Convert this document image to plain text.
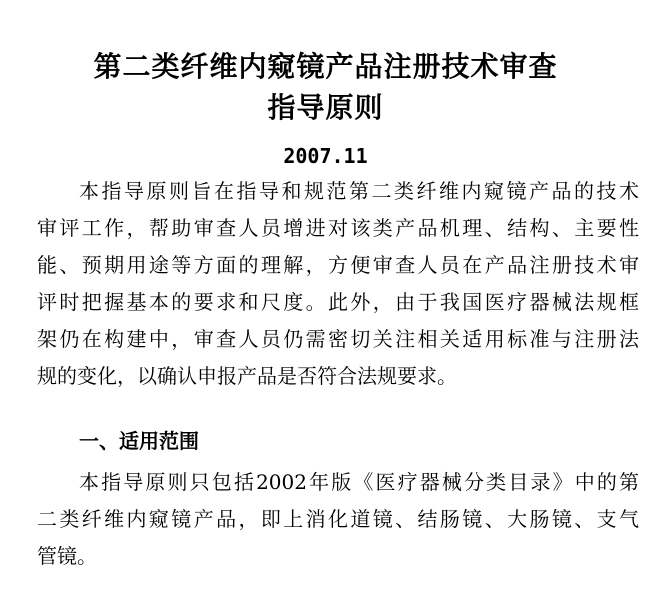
第二类纤维内窥镜产品注册技术审查
指导原则
2007.11
本指导原则旨在指导和规范第二类纤维内窥镜产品的技术
审评工作，帮助审查人员增进对该类产品机理、结构、主要性
能、预期用途等方面的理解，方便审查人员在产品注册技术审
评时把握基本的要求和尺度。此外，由于我国医疗器械法规框
架仍在构建中，审查人员仍需密切关注相关适用标准与注册法
规的变化，以确认申报产品是否符合法规要求。
一、适用范围
本指导原则只包括2002年版《医疗器械分类目录》中的第
二类纤维内窥镜产品，即上消化道镜、结肠镜、大肠镜、支气
管镜。
